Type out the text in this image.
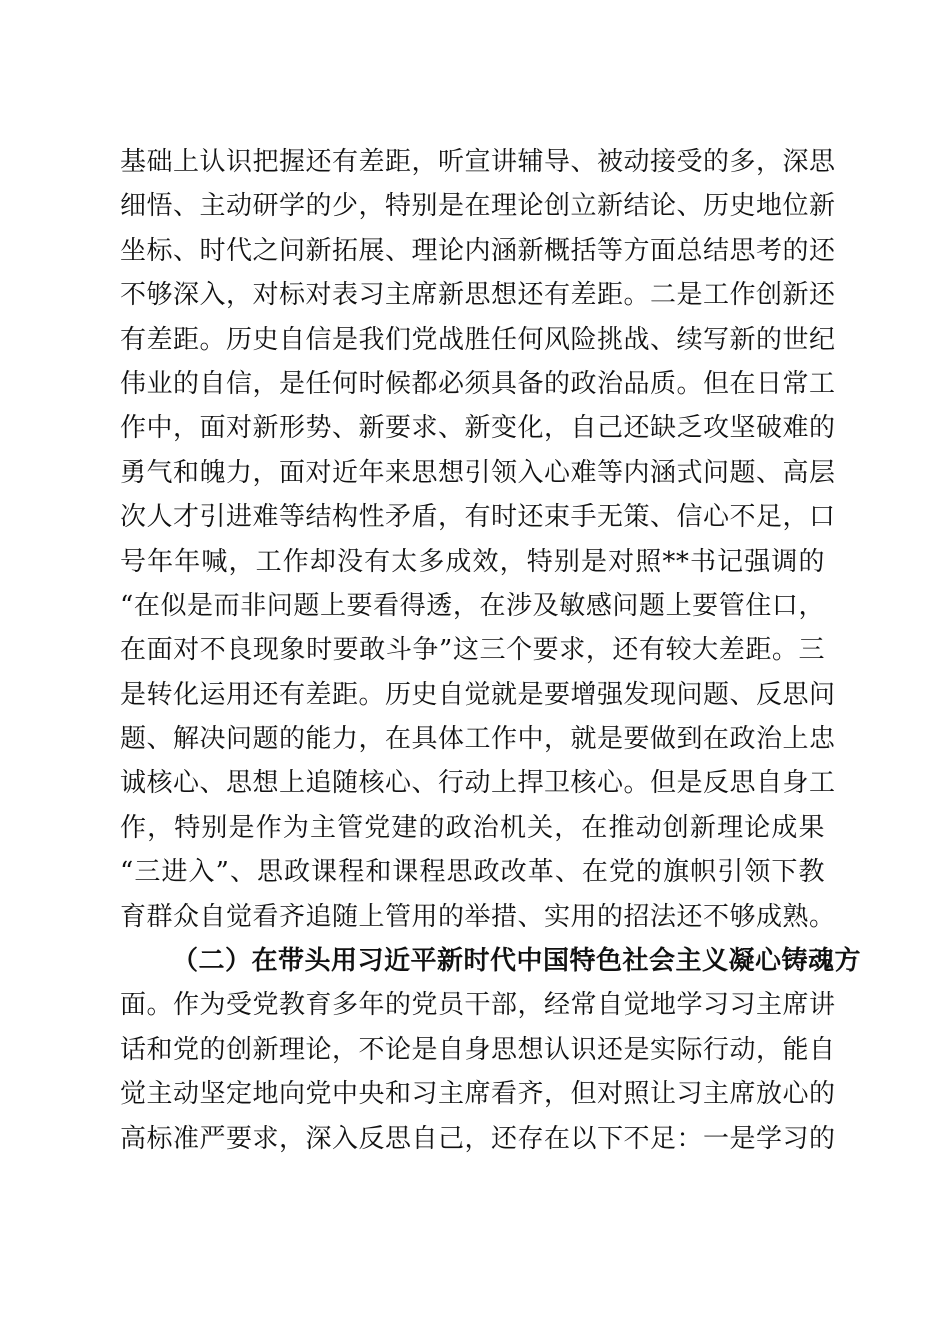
基础上认识把握还有差距，听宣讲辅导、被动接受的多，深思
细悟、主动研学的少，特别是在理论创立新结论、历史地位新
坐标、时代之问新拓展、理论内涵新概括等方面总结思考的还
不够深入，对标对表习主席新思想还有差距。二是工作创新还
有差距。历史自信是我们党战胜任何风险挑战、续写新的世纪
伟业的自信，是任何时候都必须具备的政治品质。但在日常工
作中，面对新形势、新要求、新变化，自己还缺乏攻坚破难的
勇气和魄力，面对近年来思想引领入心难等内涵式问题、高层
次人才引进难等结构性矛盾，有时还束手无策、信心不足，口
号年年喊，工作却没有太多成效，特别是对照**书记强调的
“在似是而非问题上要看得透，在涉及敏感问题上要管住口，
在面对不良现象时要敢斗争”这三个要求，还有较大差距。三
是转化运用还有差距。历史自觉就是要增强发现问题、反思问
题、解决问题的能力，在具体工作中，就是要做到在政治上忠
诚核心、思想上追随核心、行动上捍卫核心。但是反思自身工
作，特别是作为主管党建的政治机关，在推动创新理论成果
“三进入”、思政课程和课程思政改革、在党的旗帜引领下教
育群众自觉看齐追随上管用的举措、实用的招法还不够成熟。
（二）在带头用习近平新时代中国特色社会主义凝心铸魂方
面。作为受党教育多年的党员干部，经常自觉地学习习主席讲
话和党的创新理论，不论是自身思想认识还是实际行动，能自
觉主动坚定地向党中央和习主席看齐，但对照让习主席放心的
高标准严要求，深入反思自己，还存在以下不足：一是学习的
